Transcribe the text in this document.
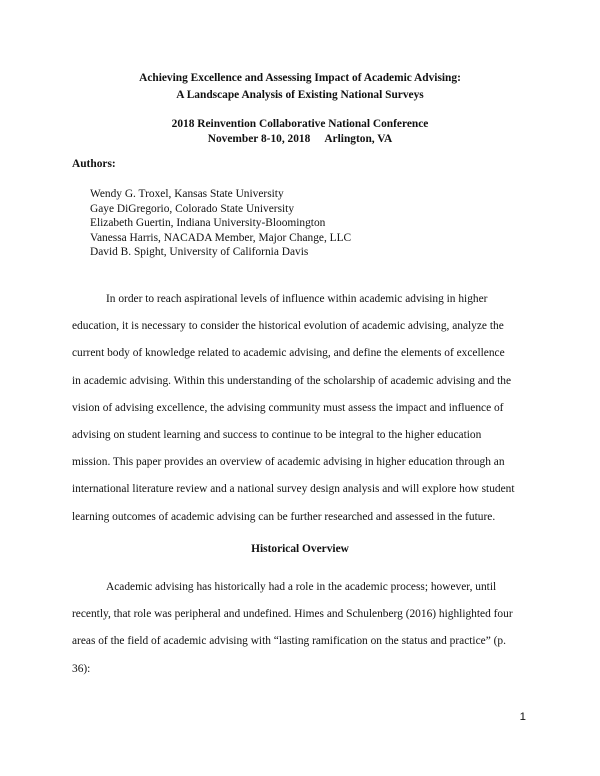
Achieving Excellence and Assessing Impact of Academic Advising:
A Landscape Analysis of Existing National Surveys
2018 Reinvention Collaborative National Conference
November 8-10, 2018 Arlington, VA
Authors:
Wendy G. Troxel, Kansas State University
Gaye DiGregorio, Colorado State University
Elizabeth Guertin, Indiana University-Bloomington
Vanessa Harris, NACADA Member, Major Change, LLC
David B. Spight, University of California Davis
In order to reach aspirational levels of influence within academic advising in higher
education, it is necessary to consider the historical evolution of academic advising, analyze the
current body of knowledge related to academic advising, and define the elements of excellence
in academic advising. Within this understanding of the scholarship of academic advising and the
vision of advising excellence, the advising community must assess the impact and influence of
advising on student learning and success to continue to be integral to the higher education
mission. This paper provides an overview of academic advising in higher education through an
international literature review and a national survey design analysis and will explore how student
learning outcomes of academic advising can be further researched and assessed in the future.
Historical Overview
Academic advising has historically had a role in the academic process; however, until
recently, that role was peripheral and undefined. Himes and Schulenberg (2016) highlighted four
areas of the field of academic advising with “lasting ramification on the status and practice” (p.
36):
1
